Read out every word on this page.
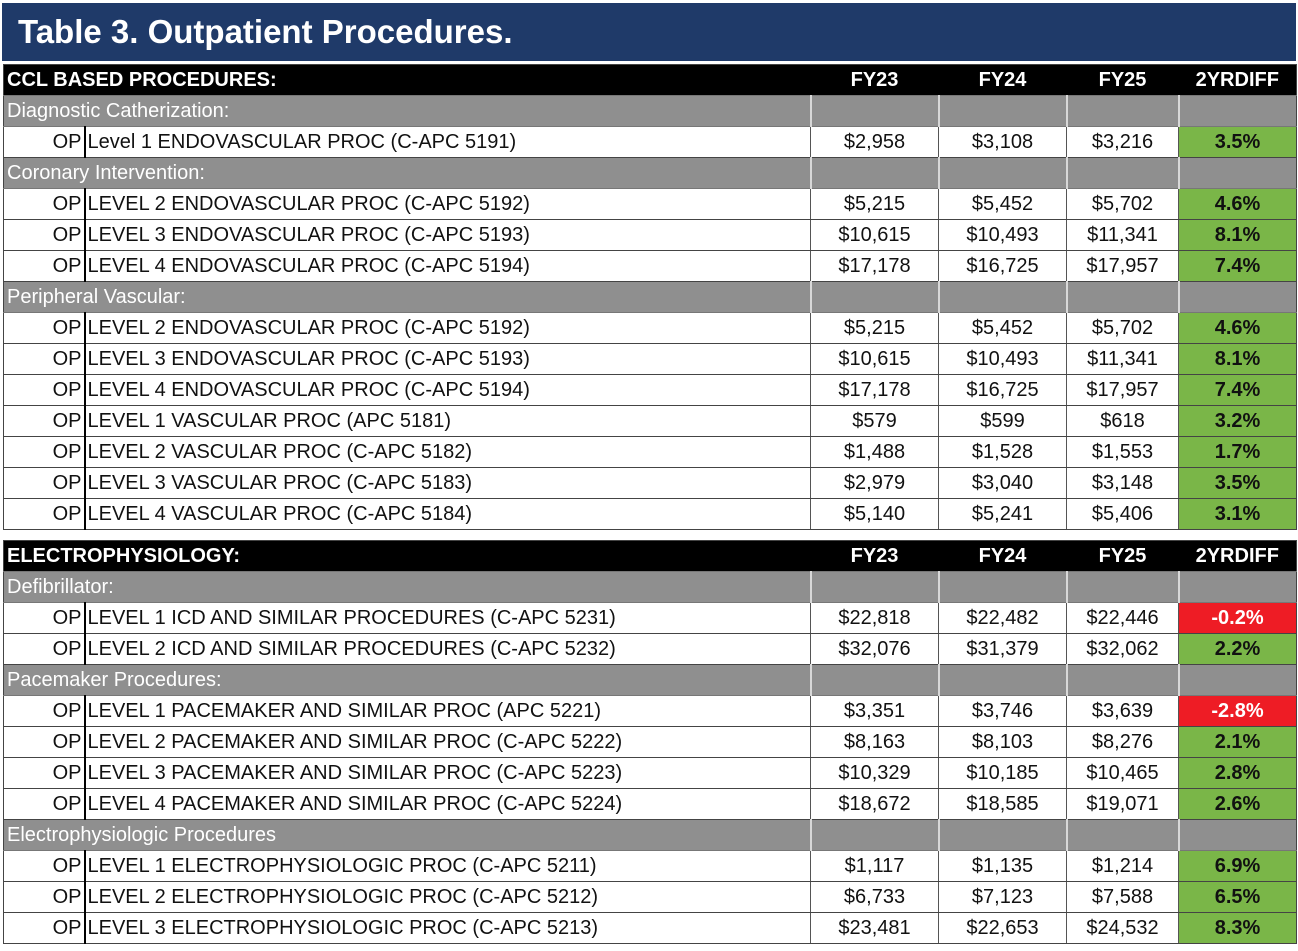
Table 3. Outpatient Procedures.
CCL BASED PROCEDURES:		FY23	FY24	FY25	2YRDIFF
Diagnostic Catherization:					
OP	Level 1 ENDOVASCULAR PROC (C-APC 5191)	$2,958	$3,108	$3,216	3.5%
Coronary Intervention:					
OP	LEVEL 2 ENDOVASCULAR PROC (C-APC 5192)	$5,215	$5,452	$5,702	4.6%
OP	LEVEL 3 ENDOVASCULAR PROC (C-APC 5193)	$10,615	$10,493	$11,341	8.1%
OP	LEVEL 4 ENDOVASCULAR PROC (C-APC 5194)	$17,178	$16,725	$17,957	7.4%
Peripheral Vascular:					
OP	LEVEL 2 ENDOVASCULAR PROC (C-APC 5192)	$5,215	$5,452	$5,702	4.6%
OP	LEVEL 3 ENDOVASCULAR PROC (C-APC 5193)	$10,615	$10,493	$11,341	8.1%
OP	LEVEL 4 ENDOVASCULAR PROC (C-APC 5194)	$17,178	$16,725	$17,957	7.4%
OP	LEVEL 1 VASCULAR PROC (APC 5181)	$579	$599	$618	3.2%
OP	LEVEL 2 VASCULAR PROC (C-APC 5182)	$1,488	$1,528	$1,553	1.7%
OP	LEVEL 3 VASCULAR PROC (C-APC 5183)	$2,979	$3,040	$3,148	3.5%
OP	LEVEL 4 VASCULAR PROC (C-APC 5184)	$5,140	$5,241	$5,406	3.1%
ELECTROPHYSIOLOGY:		FY23	FY24	FY25	2YRDIFF
Defibrillator:					
OP	LEVEL 1 ICD AND SIMILAR PROCEDURES (C-APC 5231)	$22,818	$22,482	$22,446	-0.2%
OP	LEVEL 2 ICD AND SIMILAR PROCEDURES (C-APC 5232)	$32,076	$31,379	$32,062	2.2%
Pacemaker Procedures:					
OP	LEVEL 1 PACEMAKER AND SIMILAR PROC (APC 5221)	$3,351	$3,746	$3,639	-2.8%
OP	LEVEL 2 PACEMAKER AND SIMILAR PROC (C-APC 5222)	$8,163	$8,103	$8,276	2.1%
OP	LEVEL 3 PACEMAKER AND SIMILAR PROC (C-APC 5223)	$10,329	$10,185	$10,465	2.8%
OP	LEVEL 4 PACEMAKER AND SIMILAR PROC (C-APC 5224)	$18,672	$18,585	$19,071	2.6%
Electrophysiologic Procedures					
OP	LEVEL 1 ELECTROPHYSIOLOGIC PROC (C-APC 5211)	$1,117	$1,135	$1,214	6.9%
OP	LEVEL 2 ELECTROPHYSIOLOGIC PROC (C-APC 5212)	$6,733	$7,123	$7,588	6.5%
OP	LEVEL 3 ELECTROPHYSIOLOGIC PROC (C-APC 5213)	$23,481	$22,653	$24,532	8.3%
